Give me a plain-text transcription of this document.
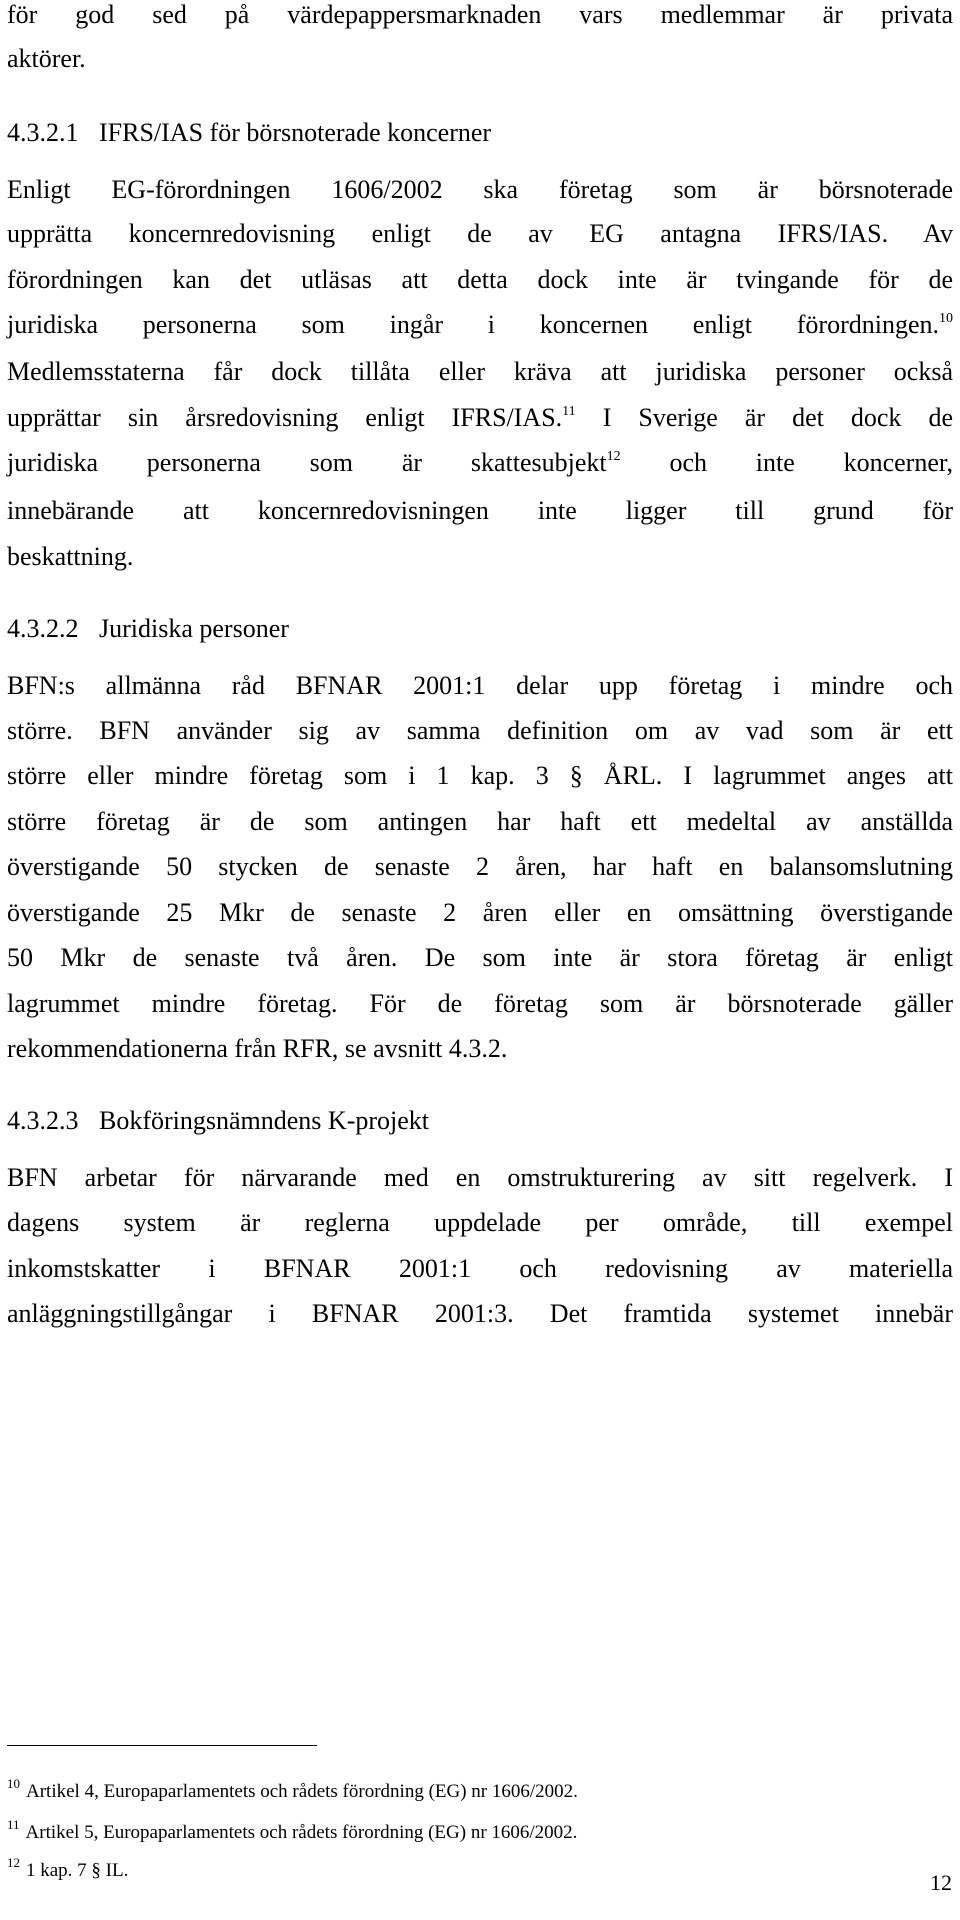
för god sed på värdepappersmarknaden vars medlemmar är privata
aktörer.
4.3.2.1 IFRS/IAS för börsnoterade koncerner
Enligt EG-förordningen 1606/2002 ska företag som är börsnoterade
upprätta koncernredovisning enligt de av EG antagna IFRS/IAS. Av
förordningen kan det utläsas att detta dock inte är tvingande för de
juridiska personerna som ingår i koncernen enligt förordningen.$^{10}$
Medlemsstaterna får dock tillåta eller kräva att juridiska personer också
upprättar sin årsredovisning enligt IFRS/IAS.$^{11}$ I Sverige är det dock de
juridiska personerna som är skattesubjekt$^{12}$ och inte koncerner,
innebärande att koncernredovisningen inte ligger till grund för
beskattning.
4.3.2.2 Juridiska personer
BFN:s allmänna råd BFNAR 2001:1 delar upp företag i mindre och
större. BFN använder sig av samma definition om av vad som är ett
större eller mindre företag som i 1 kap. 3 § ÅRL. I lagrummet anges att
större företag är de som antingen har haft ett medeltal av anställda
överstigande 50 stycken de senaste 2 åren, har haft en balansomslutning
överstigande 25 Mkr de senaste 2 åren eller en omsättning överstigande
50 Mkr de senaste två åren. De som inte är stora företag är enligt
lagrummet mindre företag. För de företag som är börsnoterade gäller
rekommendationerna från RFR, se avsnitt 4.3.2.
4.3.2.3 Bokföringsnämndens K-projekt
BFN arbetar för närvarande med en omstrukturering av sitt regelverk. I
dagens system är reglerna uppdelade per område, till exempel
inkomstskatter i BFNAR 2001:1 och redovisning av materiella
anläggningstillgångar i BFNAR 2001:3. Det framtida systemet innebär
$^{10}$ Artikel 4, Europaparlamentets och rådets förordning (EG) nr 1606/2002.
$^{11}$ Artikel 5, Europaparlamentets och rådets förordning (EG) nr 1606/2002.
$^{12}$ 1 kap. 7 § IL.	12
